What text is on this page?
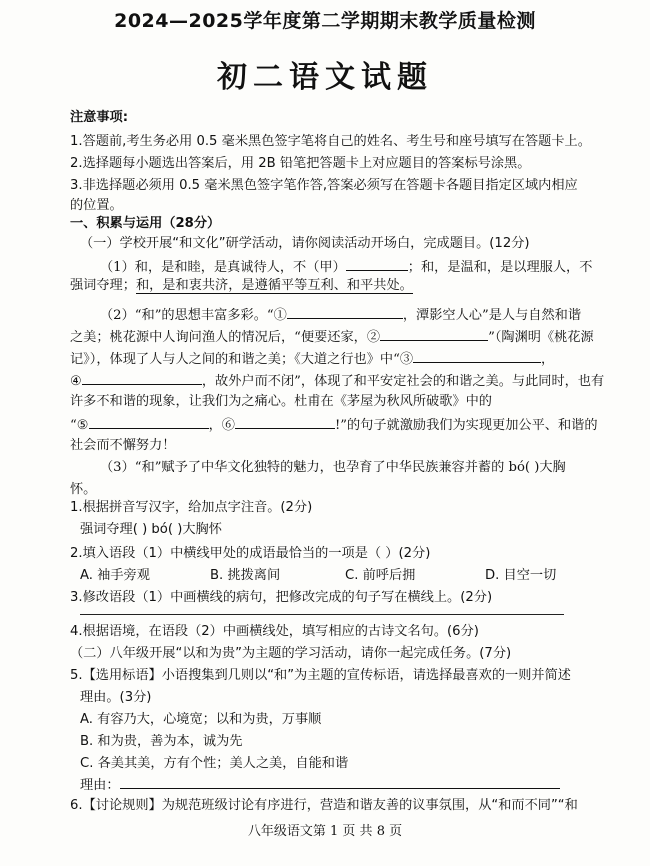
2024—2025学年度第二学期期末教学质量检测
初二语文试题
注意事项:
1.答题前,考生务必用 0.5 毫米黑色签字笔将自己的姓名、考生号和座号填写在答题卡上。
2.选择题每小题选出答案后，用 2B 铅笔把答题卡上对应题目的答案标号涂黑。
3.非选择题必须用 0.5 毫米黑色签字笔作答,答案必须写在答题卡各题目指定区域内相应
的位置。
一、积累与运用（28分）
（一）学校开展“和文化”研学活动，请你阅读活动开场白，完成题目。(12分)
（1）和，是和睦，是真诚待人，不（甲）	；和，是温和，是以理服人，不
强词夺理；和，是和衷共济，是遵循平等互利、和平共处。
（2）“和”的思想丰富多彩。“①	，潭影空人心”是人与自然和谐
之美；桃花源中人询问渔人的情况后，“便要还家，②	”（陶渊明《桃花源
记》），体现了人与人之间的和谐之美；《大道之行也》中“③	，
④	，故外户而不闭”，体现了和平安定社会的和谐之美。与此同时，也有
许多不和谐的现象，让我们为之痛心。杜甫在《茅屋为秋风所破歌》中的
“⑤	，⑥	!”的句子就激励我们为实现更加公平、和谐的
社会而不懈努力！
（3）“和”赋予了中华文化独特的魅力，也孕育了中华民族兼容并蓄的 bó( )大胸
怀。
1.根据拼音写汉字，给加点字注音。(2分)
强词夺理( ) bó( )大胸怀
2.填入语段（1）中横线甲处的成语最恰当的一项是（ ）(2分)
A. 袖手旁观	B. 挑拨离间	C. 前呼后拥	D. 目空一切
3.修改语段（1）中画横线的病句，把修改完成的句子写在横线上。(2分)
4.根据语境，在语段（2）中画横线处，填写相应的古诗文名句。(6分)
（二）八年级开展“以和为贵”为主题的学习活动，请你一起完成任务。(7分)
5.【选用标语】小语搜集到几则以“和”为主题的宣传标语，请选择最喜欢的一则并简述
理由。(3分)
A. 有容乃大，心境宽；以和为贵，万事顺
B. 和为贵，善为本，诚为先
C. 各美其美，方有个性；美人之美，自能和谐
理由：
6.【讨论规则】为规范班级讨论有序进行，营造和谐友善的议事氛围，从“和而不同”“和
八年级语文第 1 页 共 8 页
